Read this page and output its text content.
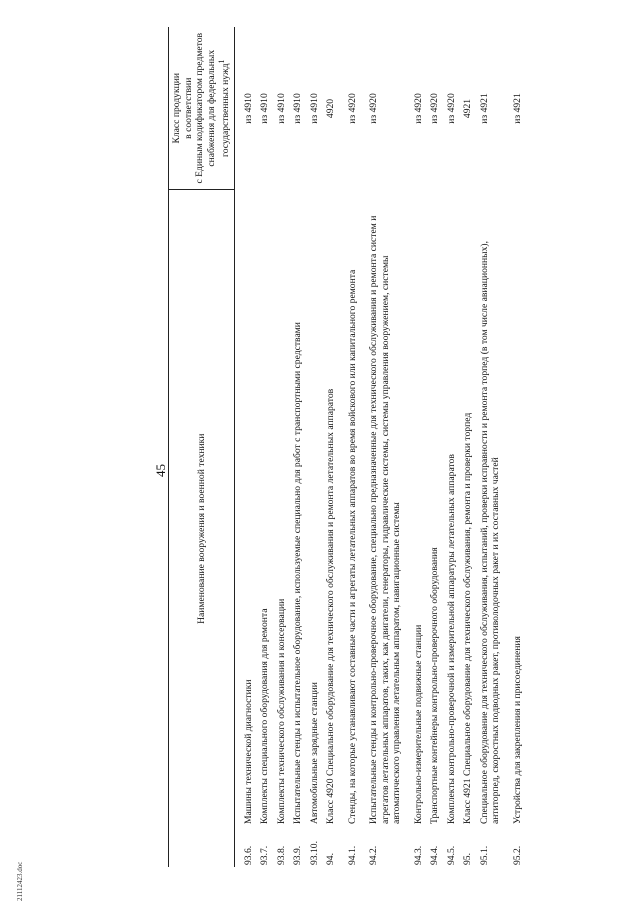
21112423.doc
45	Наименование вооружения и военной техники		Класс продукции
в соответствии
с Единым кодификатором предметов
снабжения для федеральных государственных нужд$^1$
93.6.	Машины технической диагностики	из 4910
93.7.	Комплекты специального оборудования для ремонта	из 4910
93.8.	Комплекты технического обслуживания и консервации	из 4910
93.9.	Испытательные стенды и испытательное оборудование, используемые специально для работ с транспортными средствами	из 4910
93.10.	Автомобильные зарядные станции	из 4910
94.	Класс 4920 Специальное оборудование для технического обслуживания и ремонта летательных аппаратов	4920
94.1.	Стенды, на которые устанавливают составные части и агрегаты летательных аппаратов во время войскового или капитального ремонта	из 4920
94.2.	Испытательные стенды и контрольно-проверочное оборудование, специально предназначенные для технического обслуживания и ремонта систем и агрегатов летательных аппаратов, таких, как двигатели, генераторы, гидравлические системы, системы управления вооружением, системы автоматического управления летательным аппаратом, навигационные системы	из 4920
94.3.	Контрольно-измерительные подвижные станции	из 4920
94.4.	Транспортные контейнеры контрольно-проверочного оборудования	из 4920
94.5.	Комплекты контрольно-проверочной и измерительной аппаратуры летательных аппаратов	из 4920
95.	Класс 4921 Специальное оборудование для технического обслуживания, ремонта и проверки торпед	4921
95.1.	Специальное оборудование для технического обслуживания, испытаний, проверки исправности и ремонта торпед (в том числе авиационных), антиторпед, скоростных подводных ракет, противолодочных ракет и их составных частей	из 4921
95.2.	Устройства для закрепления и присоединения	из 4921
